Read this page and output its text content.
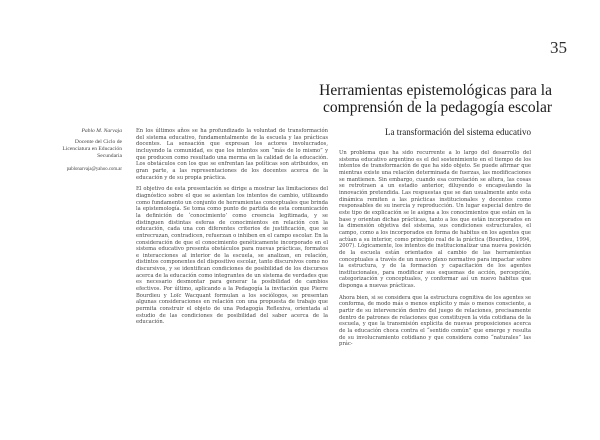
35
Herramientas epistemológicas para la
comprensión de la pedagogía escolar
Pablo M. Narvaja
Docente del Ciclo de Licenciatura en Educación Secundaria
pablonarvaja@yahoo.com.ar

En los últimos años se ha profundizado la voluntad de transformación del sistema educativo, fundamentalmente de la escuela y las prácticas docentes. La sensación que expresan los actores involucrados, incluyendo la comunidad, es que los intentos son “más de lo mismo” y que producen como resultado una merma en la calidad de la educación. Los obstáculos con los que se enfrentan las políticas son atribuidos, en gran parte, a las representaciones de los docentes acerca de la educación y de su propia práctica.

El objetivo de esta presentación se dirige a mostrar las limitaciones del diagnóstico sobre el que se asientan los intentos de cambio, utilizando como fundamento un conjunto de herramientas conceptuales que brinda la epistemología. Se toma como punto de partida de esta comunicación la definición de ‘conocimiento’ como creencia legitimada, y se distinguen distintas esferas de conocimientos en relación con la educación, cada una con diferentes criterios de justificación, que se entrecruzan, contradicen, refuerzan o inhiben en el campo escolar. En la consideración de que el conocimiento genéticamente incorporado en el sistema educativo presenta obstáculos para nuevas prácticas, formatos e interacciones al interior de la escuela, se analizan, en relación, distintos componentes del dispositivo escolar, tanto discursivos como no discursivos, y se identifican condiciones de posibilidad de los discursos acerca de la educación como integrantes de un sistema de verdades que es necesario desmontar para generar la posibilidad de cambios efectivos. Por último, aplicando a la Pedagogía la invitación que Pierre Bourdieu y Loïc Wacquant formulan a los sociólogos, se presentan algunas consideraciones en relación con una propuesta de trabajo que permita construir el objeto de una Pedagogía Reflexiva, orientada al estudio de las condiciones de posibilidad del saber acerca de la educación.

La transformación del sistema educativo

Un problema que ha sido recurrente a lo largo del desarrollo del sistema educativo argentino es el del sostenimiento en el tiempo de los intentos de transformación de que ha sido objeto. Se puede afirmar que mientras existe una relación determinada de fuerzas, las modificaciones se mantienen. Sin embargo, cuando esa correlación se altera, las cosas se retrotraen a un estadio anterior, diluyendo o encapsulando la innovación pretendida. Las respuestas que se dan usualmente ante esta dinámica remiten a las prácticas institucionales y docentes como responsables de su inercia y reproducción. Un lugar especial dentro de este tipo de explicación se le asigna a los conocimientos que están en la base y orientan dichas prácticas, tanto a los que están incorporados en la dimensión objetiva del sistema, sus condiciones estructurales, el campo, como a los incorporados en forma de habitus en los agentes que actúan a su interior, como principio real de la práctica (Bourdieu, 1994, 2007). Lógicamente, los intentos de institucionalizar una nueva posición de la escuela están orientados al cambio de las herramientas conceptuales a través de un nuevo plexo normativo para impactar sobre la estructura, y de la formación y capacitación de los agentes institucionales, para modificar sus esquemas de acción, percepción, categorización y conceptuales, y conformar así un nuevo habitus que disponga a nuevas prácticas.

Ahora bien, si se considera que la estructura cognitiva de los agentes se conforma, de modo más o menos explícito y más o menos consciente, a partir de su intervención dentro del juego de relaciones, precisamente dentro de patrones de relaciones que constituyen la vida cotidiana de la escuela, y que la transmisión explícita de nuevas proposiciones acerca de la educación choca contra el “sentido común” que emerge y resulta de su involucramiento cotidiano y que considera como “naturales” las prác-
